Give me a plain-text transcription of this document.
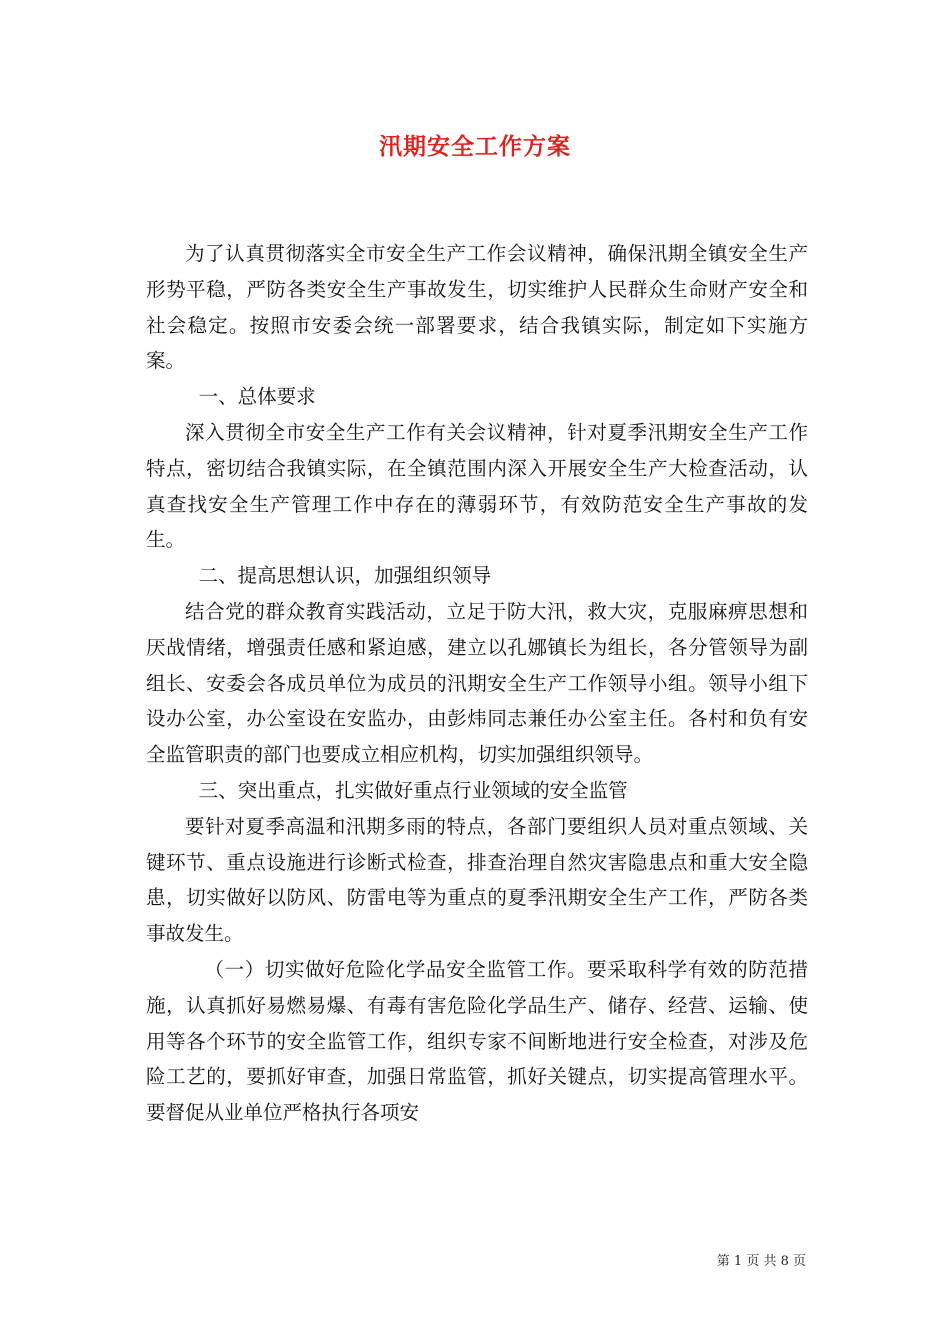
汛期安全工作方案

为了认真贯彻落实全市安全生产工作会议精神，确保汛期全镇安全生产形势平稳，严防各类安全生产事故发生，切实维护人民群众生命财产安全和社会稳定。按照市安委会统一部署要求，结合我镇实际，制定如下实施方案。

一、总体要求

深入贯彻全市安全生产工作有关会议精神，针对夏季汛期安全生产工作特点，密切结合我镇实际，在全镇范围内深入开展安全生产大检查活动，认真查找安全生产管理工作中存在的薄弱环节，有效防范安全生产事故的发生。

二、提高思想认识，加强组织领导

结合党的群众教育实践活动，立足于防大汛，救大灾，克服麻痹思想和厌战情绪，增强责任感和紧迫感，建立以孔娜镇长为组长，各分管领导为副组长、安委会各成员单位为成员的汛期安全生产工作领导小组。领导小组下设办公室，办公室设在安监办，由彭炜同志兼任办公室主任。各村和负有安全监管职责的部门也要成立相应机构，切实加强组织领导。

三、突出重点，扎实做好重点行业领域的安全监管

要针对夏季高温和汛期多雨的特点，各部门要组织人员对重点领域、关键环节、重点设施进行诊断式检查，排查治理自然灾害隐患点和重大安全隐患，切实做好以防风、防雷电等为重点的夏季汛期安全生产工作，严防各类事故发生。

（一）切实做好危险化学品安全监管工作。要采取科学有效的防范措施，认真抓好易燃易爆、有毒有害危险化学品生产、储存、经营、运输、使用等各个环节的安全监管工作，组织专家不间断地进行安全检查，对涉及危险工艺的，要抓好审查，加强日常监管，抓好关键点，切实提高管理水平。要督促从业单位严格执行各项安

第 1 页 共 8 页
